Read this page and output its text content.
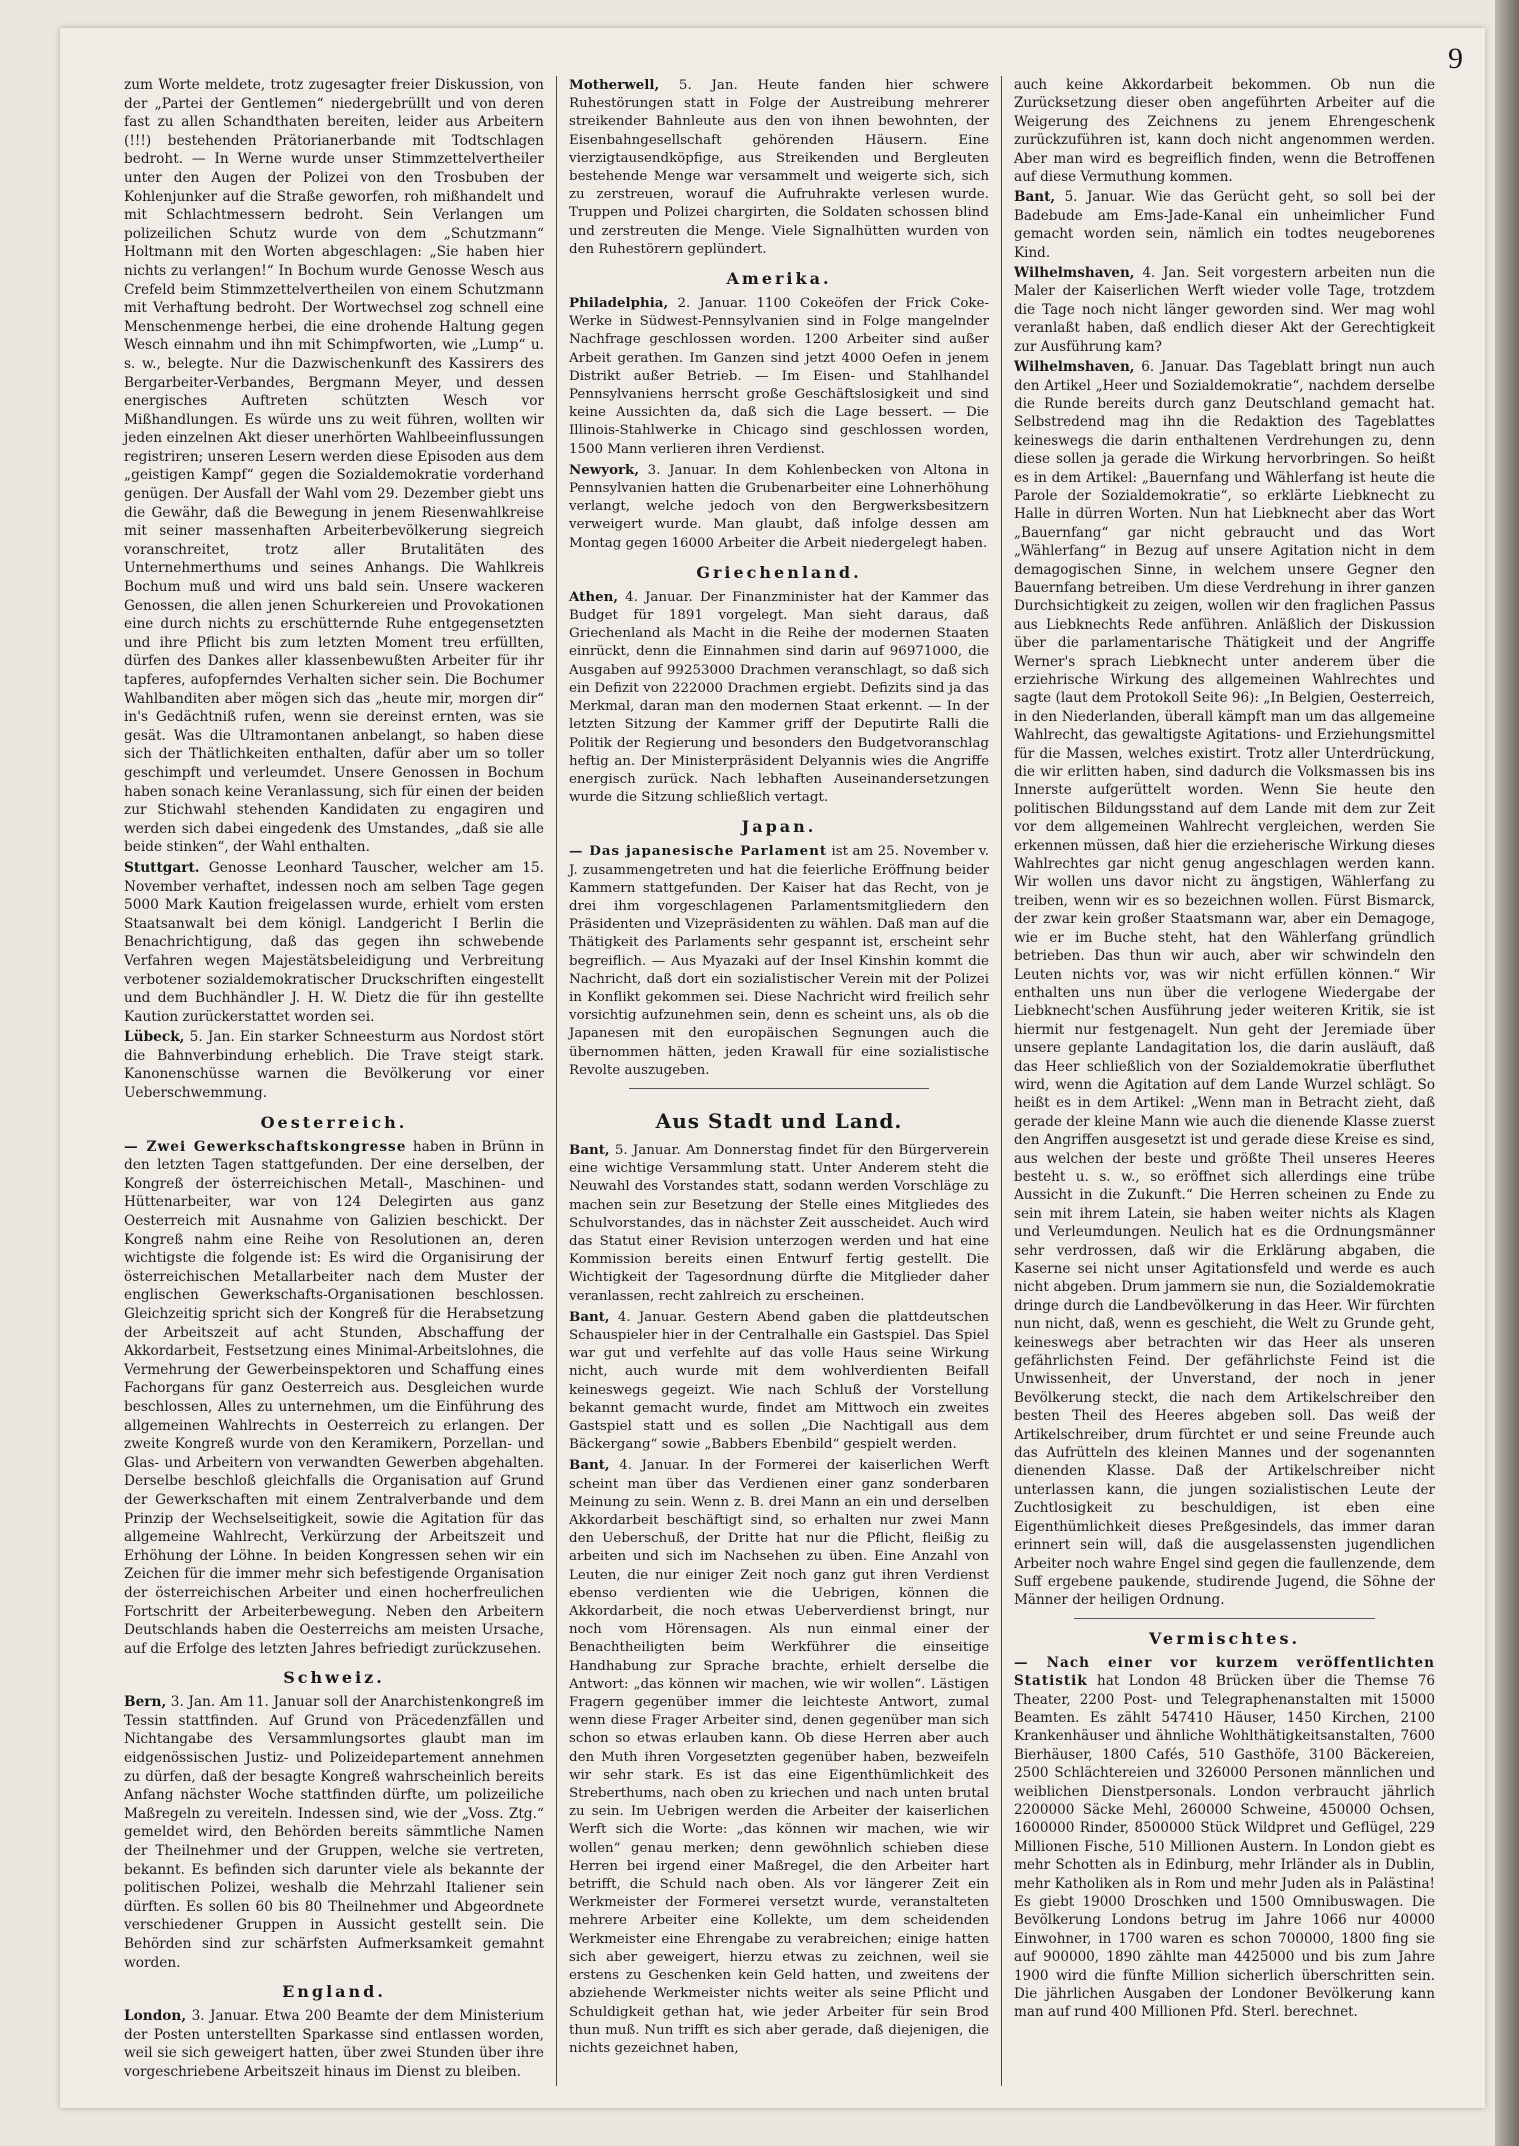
9

zum Worte meldete, trotz zugesagter freier Diskussion, von der „Partei der Gentlemen“ niedergebrüllt und von deren fast zu allen Schandthaten bereiten, leider aus Arbeitern (!!!) bestehenden Prätorianerbande mit Todtschlagen bedroht. — In Werne wurde unser Stimmzettelvertheiler unter den Augen der Polizei von den Trosbuben der Kohlenjunker auf die Straße geworfen, roh mißhandelt und mit Schlachtmessern bedroht. Sein Verlangen um polizeilichen Schutz wurde von dem „Schutzmann“ Holtmann mit den Worten abgeschlagen: „Sie haben hier nichts zu verlangen!“ In Bochum wurde Genosse Wesch aus Crefeld beim Stimmzettelvertheilen von einem Schutzmann mit Verhaftung bedroht. Der Wortwechsel zog schnell eine Menschenmenge herbei, die eine drohende Haltung gegen Wesch einnahm und ihn mit Schimpfworten, wie „Lump“ u. s. w., belegte. Nur die Dazwischenkunft des Kassirers des Bergarbeiter-Verbandes, Bergmann Meyer, und dessen energisches Auftreten schützten Wesch vor Mißhandlungen. Es würde uns zu weit führen, wollten wir jeden einzelnen Akt dieser unerhörten Wahlbeeinflussungen registriren; unseren Lesern werden diese Episoden aus dem „geistigen Kampf“ gegen die Sozialdemokratie vorderhand genügen. Der Ausfall der Wahl vom 29. Dezember giebt uns die Gewähr, daß die Bewegung in jenem Riesenwahlkreise mit seiner massenhaften Arbeiterbevölkerung siegreich voranschreitet, trotz aller Brutalitäten des Unternehmerthums und seines Anhangs. Die Wahlkreis Bochum muß und wird uns bald sein. Unsere wackeren Genossen, die allen jenen Schurkereien und Provokationen eine durch nichts zu erschütternde Ruhe entgegensetzten und ihre Pflicht bis zum letzten Moment treu erfüllten, dürfen des Dankes aller klassenbewußten Arbeiter für ihr tapferes, aufopferndes Verhalten sicher sein. Die Bochumer Wahlbanditen aber mögen sich das „heute mir, morgen dir“ in's Gedächtniß rufen, wenn sie dereinst ernten, was sie gesät. Was die Ultramontanen anbelangt, so haben diese sich der Thätlichkeiten enthalten, dafür aber um so toller geschimpft und verleumdet. Unsere Genossen in Bochum haben sonach keine Veranlassung, sich für einen der beiden zur Stichwahl stehenden Kandidaten zu engagiren und werden sich dabei eingedenk des Umstandes, „daß sie alle beide stinken“, der Wahl enthalten.

Stuttgart. Genosse Leonhard Tauscher, welcher am 15. November verhaftet, indessen noch am selben Tage gegen 5000 Mark Kaution freigelassen wurde, erhielt vom ersten Staatsanwalt bei dem königl. Landgericht I Berlin die Benachrichtigung, daß das gegen ihn schwebende Verfahren wegen Majestätsbeleidigung und Verbreitung verbotener sozialdemokratischer Druckschriften eingestellt und dem Buchhändler J. H. W. Dietz die für ihn gestellte Kaution zurückerstattet worden sei.

Lübeck, 5. Jan. Ein starker Schneesturm aus Nordost stört die Bahnverbindung erheblich. Die Trave steigt stark. Kanonenschüsse warnen die Bevölkerung vor einer Ueberschwemmung.

Oesterreich.

— Zwei Gewerkschaftskongresse haben in Brünn in den letzten Tagen stattgefunden. Der eine derselben, der Kongreß der österreichischen Metall-, Maschinen- und Hüttenarbeiter, war von 124 Delegirten aus ganz Oesterreich mit Ausnahme von Galizien beschickt. Der Kongreß nahm eine Reihe von Resolutionen an, deren wichtigste die folgende ist: Es wird die Organisirung der österreichischen Metallarbeiter nach dem Muster der englischen Gewerkschafts-Organisationen beschlossen. Gleichzeitig spricht sich der Kongreß für die Herabsetzung der Arbeitszeit auf acht Stunden, Abschaffung der Akkordarbeit, Festsetzung eines Minimal-Arbeitslohnes, die Vermehrung der Gewerbeinspektoren und Schaffung eines Fachorgans für ganz Oesterreich aus. Desgleichen wurde beschlossen, Alles zu unternehmen, um die Einführung des allgemeinen Wahlrechts in Oesterreich zu erlangen. Der zweite Kongreß wurde von den Keramikern, Porzellan- und Glas- und Arbeitern von verwandten Gewerben abgehalten. Derselbe beschloß gleichfalls die Organisation auf Grund der Gewerkschaften mit einem Zentralverbande und dem Prinzip der Wechselseitigkeit, sowie die Agitation für das allgemeine Wahlrecht, Verkürzung der Arbeitszeit und Erhöhung der Löhne. In beiden Kongressen sehen wir ein Zeichen für die immer mehr sich befestigende Organisation der österreichischen Arbeiter und einen hocherfreulichen Fortschritt der Arbeiterbewegung. Neben den Arbeitern Deutschlands haben die Oesterreichs am meisten Ursache, auf die Erfolge des letzten Jahres befriedigt zurückzusehen.

Schweiz.

Bern, 3. Jan. Am 11. Januar soll der Anarchistenkongreß im Tessin stattfinden. Auf Grund von Präcedenzfällen und Nichtangabe des Versammlungsortes glaubt man im eidgenössischen Justiz- und Polizeidepartement annehmen zu dürfen, daß der besagte Kongreß wahrscheinlich bereits Anfang nächster Woche stattfinden dürfte, um polizeiliche Maßregeln zu vereiteln. Indessen sind, wie der „Voss. Ztg.“ gemeldet wird, den Behörden bereits sämmtliche Namen der Theilnehmer und der Gruppen, welche sie vertreten, bekannt. Es befinden sich darunter viele als bekannte der politischen Polizei, weshalb die Mehrzahl Italiener sein dürften. Es sollen 60 bis 80 Theilnehmer und Abgeordnete verschiedener Gruppen in Aussicht gestellt sein. Die Behörden sind zur schärfsten Aufmerksamkeit gemahnt worden.

England.

London, 3. Januar. Etwa 200 Beamte der dem Ministerium der Posten unterstellten Sparkasse sind entlassen worden, weil sie sich geweigert hatten, über zwei Stunden über ihre vorgeschriebene Arbeitszeit hinaus im Dienst zu bleiben.

Motherwell, 5. Jan. Heute fanden hier schwere Ruhestörungen statt in Folge der Austreibung mehrerer streikender Bahnleute aus den von ihnen bewohnten, der Eisenbahngesellschaft gehörenden Häusern. Eine vierzigtausendköpfige, aus Streikenden und Bergleuten bestehende Menge war versammelt und weigerte sich, sich zu zerstreuen, worauf die Aufruhrakte verlesen wurde. Truppen und Polizei chargirten, die Soldaten schossen blind und zerstreuten die Menge. Viele Signalhütten wurden von den Ruhestörern geplündert.

Amerika.

Philadelphia, 2. Januar. 1100 Cokeöfen der Frick Coke-Werke in Südwest-Pennsylvanien sind in Folge mangelnder Nachfrage geschlossen worden. 1200 Arbeiter sind außer Arbeit gerathen. Im Ganzen sind jetzt 4000 Oefen in jenem Distrikt außer Betrieb. — Im Eisen- und Stahlhandel Pennsylvaniens herrscht große Geschäftslosigkeit und sind keine Aussichten da, daß sich die Lage bessert. — Die Illinois-Stahlwerke in Chicago sind geschlossen worden, 1500 Mann verlieren ihren Verdienst.

Newyork, 3. Januar. In dem Kohlenbecken von Altona in Pennsylvanien hatten die Grubenarbeiter eine Lohnerhöhung verlangt, welche jedoch von den Bergwerksbesitzern verweigert wurde. Man glaubt, daß infolge dessen am Montag gegen 16000 Arbeiter die Arbeit niedergelegt haben.

Griechenland.

Athen, 4. Januar. Der Finanzminister hat der Kammer das Budget für 1891 vorgelegt. Man sieht daraus, daß Griechenland als Macht in die Reihe der modernen Staaten einrückt, denn die Einnahmen sind darin auf 96971000, die Ausgaben auf 99253000 Drachmen veranschlagt, so daß sich ein Defizit von 222000 Drachmen ergiebt. Defizits sind ja das Merkmal, daran man den modernen Staat erkennt. — In der letzten Sitzung der Kammer griff der Deputirte Ralli die Politik der Regierung und besonders den Budgetvoranschlag heftig an. Der Ministerpräsident Delyannis wies die Angriffe energisch zurück. Nach lebhaften Auseinandersetzungen wurde die Sitzung schließlich vertagt.

Japan.

— Das japanesische Parlament ist am 25. November v. J. zusammengetreten und hat die feierliche Eröffnung beider Kammern stattgefunden. Der Kaiser hat das Recht, von je drei ihm vorgeschlagenen Parlamentsmitgliedern den Präsidenten und Vizepräsidenten zu wählen. Daß man auf die Thätigkeit des Parlaments sehr gespannt ist, erscheint sehr begreiflich. — Aus Myazaki auf der Insel Kinshin kommt die Nachricht, daß dort ein sozialistischer Verein mit der Polizei in Konflikt gekommen sei. Diese Nachricht wird freilich sehr vorsichtig aufzunehmen sein, denn es scheint uns, als ob die Japanesen mit den europäischen Segnungen auch die übernommen hätten, jeden Krawall für eine sozialistische Revolte auszugeben.

Aus Stadt und Land.

Bant, 5. Januar. Am Donnerstag findet für den Bürgerverein eine wichtige Versammlung statt. Unter Anderem steht die Neuwahl des Vorstandes statt, sodann werden Vorschläge zu machen sein zur Besetzung der Stelle eines Mitgliedes des Schulvorstandes, das in nächster Zeit ausscheidet. Auch wird das Statut einer Revision unterzogen werden und hat eine Kommission bereits einen Entwurf fertig gestellt. Die Wichtigkeit der Tagesordnung dürfte die Mitglieder daher veranlassen, recht zahlreich zu erscheinen.

Bant, 4. Januar. Gestern Abend gaben die plattdeutschen Schauspieler hier in der Centralhalle ein Gastspiel. Das Spiel war gut und verfehlte auf das volle Haus seine Wirkung nicht, auch wurde mit dem wohlverdienten Beifall keineswegs gegeizt. Wie nach Schluß der Vorstellung bekannt gemacht wurde, findet am Mittwoch ein zweites Gastspiel statt und es sollen „Die Nachtigall aus dem Bäckergang“ sowie „Babbers Ebenbild“ gespielt werden.

Bant, 4. Januar. In der Formerei der kaiserlichen Werft scheint man über das Verdienen einer ganz sonderbaren Meinung zu sein. Wenn z. B. drei Mann an ein und derselben Akkordarbeit beschäftigt sind, so erhalten nur zwei Mann den Ueberschuß, der Dritte hat nur die Pflicht, fleißig zu arbeiten und sich im Nachsehen zu üben. Eine Anzahl von Leuten, die nur einiger Zeit noch ganz gut ihren Verdienst ebenso verdienten wie die Uebrigen, können die Akkordarbeit, die noch etwas Ueberverdienst bringt, nur noch vom Hörensagen. Als nun einmal einer der Benachtheiligten beim Werkführer die einseitige Handhabung zur Sprache brachte, erhielt derselbe die Antwort: „das können wir machen, wie wir wollen“. Lästigen Fragern gegenüber immer die leichteste Antwort, zumal wenn diese Frager Arbeiter sind, denen gegenüber man sich schon so etwas erlauben kann. Ob diese Herren aber auch den Muth ihren Vorgesetzten gegenüber haben, bezweifeln wir sehr stark. Es ist das eine Eigenthümlichkeit des Streberthums, nach oben zu kriechen und nach unten brutal zu sein. Im Uebrigen werden die Arbeiter der kaiserlichen Werft sich die Worte: „das können wir machen, wie wir wollen“ genau merken; denn gewöhnlich schieben diese Herren bei irgend einer Maßregel, die den Arbeiter hart betrifft, die Schuld nach oben. Als vor längerer Zeit ein Werkmeister der Formerei versetzt wurde, veranstalteten mehrere Arbeiter eine Kollekte, um dem scheidenden Werkmeister eine Ehrengabe zu verabreichen; einige hatten sich aber geweigert, hierzu etwas zu zeichnen, weil sie erstens zu Geschenken kein Geld hatten, und zweitens der abziehende Werkmeister nichts weiter als seine Pflicht und Schuldigkeit gethan hat, wie jeder Arbeiter für sein Brod thun muß. Nun trifft es sich aber gerade, daß diejenigen, die nichts gezeichnet haben,

auch keine Akkordarbeit bekommen. Ob nun die Zurücksetzung dieser oben angeführten Arbeiter auf die Weigerung des Zeichnens zu jenem Ehrengeschenk zurückzuführen ist, kann doch nicht angenommen werden. Aber man wird es begreiflich finden, wenn die Betroffenen auf diese Vermuthung kommen.

Bant, 5. Januar. Wie das Gerücht geht, so soll bei der Badebude am Ems-Jade-Kanal ein unheimlicher Fund gemacht worden sein, nämlich ein todtes neugeborenes Kind.

Wilhelmshaven, 4. Jan. Seit vorgestern arbeiten nun die Maler der Kaiserlichen Werft wieder volle Tage, trotzdem die Tage noch nicht länger geworden sind. Wer mag wohl veranlaßt haben, daß endlich dieser Akt der Gerechtigkeit zur Ausführung kam?

Wilhelmshaven, 6. Januar. Das Tageblatt bringt nun auch den Artikel „Heer und Sozialdemokratie“, nachdem derselbe die Runde bereits durch ganz Deutschland gemacht hat. Selbstredend mag ihn die Redaktion des Tageblattes keineswegs die darin enthaltenen Verdrehungen zu, denn diese sollen ja gerade die Wirkung hervorbringen. So heißt es in dem Artikel: „Bauernfang und Wählerfang ist heute die Parole der Sozialdemokratie“, so erklärte Liebknecht zu Halle in dürren Worten. Nun hat Liebknecht aber das Wort „Bauernfang“ gar nicht gebraucht und das Wort „Wählerfang“ in Bezug auf unsere Agitation nicht in dem demagogischen Sinne, in welchem unsere Gegner den Bauernfang betreiben. Um diese Verdrehung in ihrer ganzen Durchsichtigkeit zu zeigen, wollen wir den fraglichen Passus aus Liebknechts Rede anführen. Anläßlich der Diskussion über die parlamentarische Thätigkeit und der Angriffe Werner's sprach Liebknecht unter anderem über die erziehrische Wirkung des allgemeinen Wahlrechtes und sagte (laut dem Protokoll Seite 96): „In Belgien, Oesterreich, in den Niederlanden, überall kämpft man um das allgemeine Wahlrecht, das gewaltigste Agitations- und Erziehungsmittel für die Massen, welches existirt. Trotz aller Unterdrückung, die wir erlitten haben, sind dadurch die Volksmassen bis ins Innerste aufgerüttelt worden. Wenn Sie heute den politischen Bildungsstand auf dem Lande mit dem zur Zeit vor dem allgemeinen Wahlrecht vergleichen, werden Sie erkennen müssen, daß hier die erzieherische Wirkung dieses Wahlrechtes gar nicht genug angeschlagen werden kann. Wir wollen uns davor nicht zu ängstigen, Wählerfang zu treiben, wenn wir es so bezeichnen wollen. Fürst Bismarck, der zwar kein großer Staatsmann war, aber ein Demagoge, wie er im Buche steht, hat den Wählerfang gründlich betrieben. Das thun wir auch, aber wir schwindeln den Leuten nichts vor, was wir nicht erfüllen können.“ Wir enthalten uns nun über die verlogene Wiedergabe der Liebknecht'schen Ausführung jeder weiteren Kritik, sie ist hiermit nur festgenagelt. Nun geht der Jeremiade über unsere geplante Landagitation los, die darin ausläuft, daß das Heer schließlich von der Sozialdemokratie überfluthet wird, wenn die Agitation auf dem Lande Wurzel schlägt. So heißt es in dem Artikel: „Wenn man in Betracht zieht, daß gerade der kleine Mann wie auch die dienende Klasse zuerst den Angriffen ausgesetzt ist und gerade diese Kreise es sind, aus welchen der beste und größte Theil unseres Heeres besteht u. s. w., so eröffnet sich allerdings eine trübe Aussicht in die Zukunft.“ Die Herren scheinen zu Ende zu sein mit ihrem Latein, sie haben weiter nichts als Klagen und Verleumdungen. Neulich hat es die Ordnungsmänner sehr verdrossen, daß wir die Erklärung abgaben, die Kaserne sei nicht unser Agitationsfeld und werde es auch nicht abgeben. Drum jammern sie nun, die Sozialdemokratie dringe durch die Landbevölkerung in das Heer. Wir fürchten nun nicht, daß, wenn es geschieht, die Welt zu Grunde geht, keineswegs aber betrachten wir das Heer als unseren gefährlichsten Feind. Der gefährlichste Feind ist die Unwissenheit, der Unverstand, der noch in jener Bevölkerung steckt, die nach dem Artikelschreiber den besten Theil des Heeres abgeben soll. Das weiß der Artikelschreiber, drum fürchtet er und seine Freunde auch das Aufrütteln des kleinen Mannes und der sogenannten dienenden Klasse. Daß der Artikelschreiber nicht unterlassen kann, die jungen sozialistischen Leute der Zuchtlosigkeit zu beschuldigen, ist eben eine Eigenthümlichkeit dieses Preßgesindels, das immer daran erinnert sein will, daß die ausgelassensten jugendlichen Arbeiter noch wahre Engel sind gegen die faullenzende, dem Suff ergebene paukende, studirende Jugend, die Söhne der Männer der heiligen Ordnung.

Vermischtes.

— Nach einer vor kurzem veröffentlichten Statistik hat London 48 Brücken über die Themse 76 Theater, 2200 Post- und Telegraphenanstalten mit 15000 Beamten. Es zählt 547410 Häuser, 1450 Kirchen, 2100 Krankenhäuser und ähnliche Wohlthätigkeitsanstalten, 7600 Bierhäuser, 1800 Cafés, 510 Gasthöfe, 3100 Bäckereien, 2500 Schlächtereien und 326000 Personen männlichen und weiblichen Dienstpersonals. London verbraucht jährlich 2200000 Säcke Mehl, 260000 Schweine, 450000 Ochsen, 1600000 Rinder, 8500000 Stück Wildpret und Geflügel, 229 Millionen Fische, 510 Millionen Austern. In London giebt es mehr Schotten als in Edinburg, mehr Irländer als in Dublin, mehr Katholiken als in Rom und mehr Juden als in Palästina! Es giebt 19000 Droschken und 1500 Omnibuswagen. Die Bevölkerung Londons betrug im Jahre 1066 nur 40000 Einwohner, in 1700 waren es schon 700000, 1800 fing sie auf 900000, 1890 zählte man 4425000 und bis zum Jahre 1900 wird die fünfte Million sicherlich überschritten sein. Die jährlichen Ausgaben der Londoner Bevölkerung kann man auf rund 400 Millionen Pfd. Sterl. berechnet.
